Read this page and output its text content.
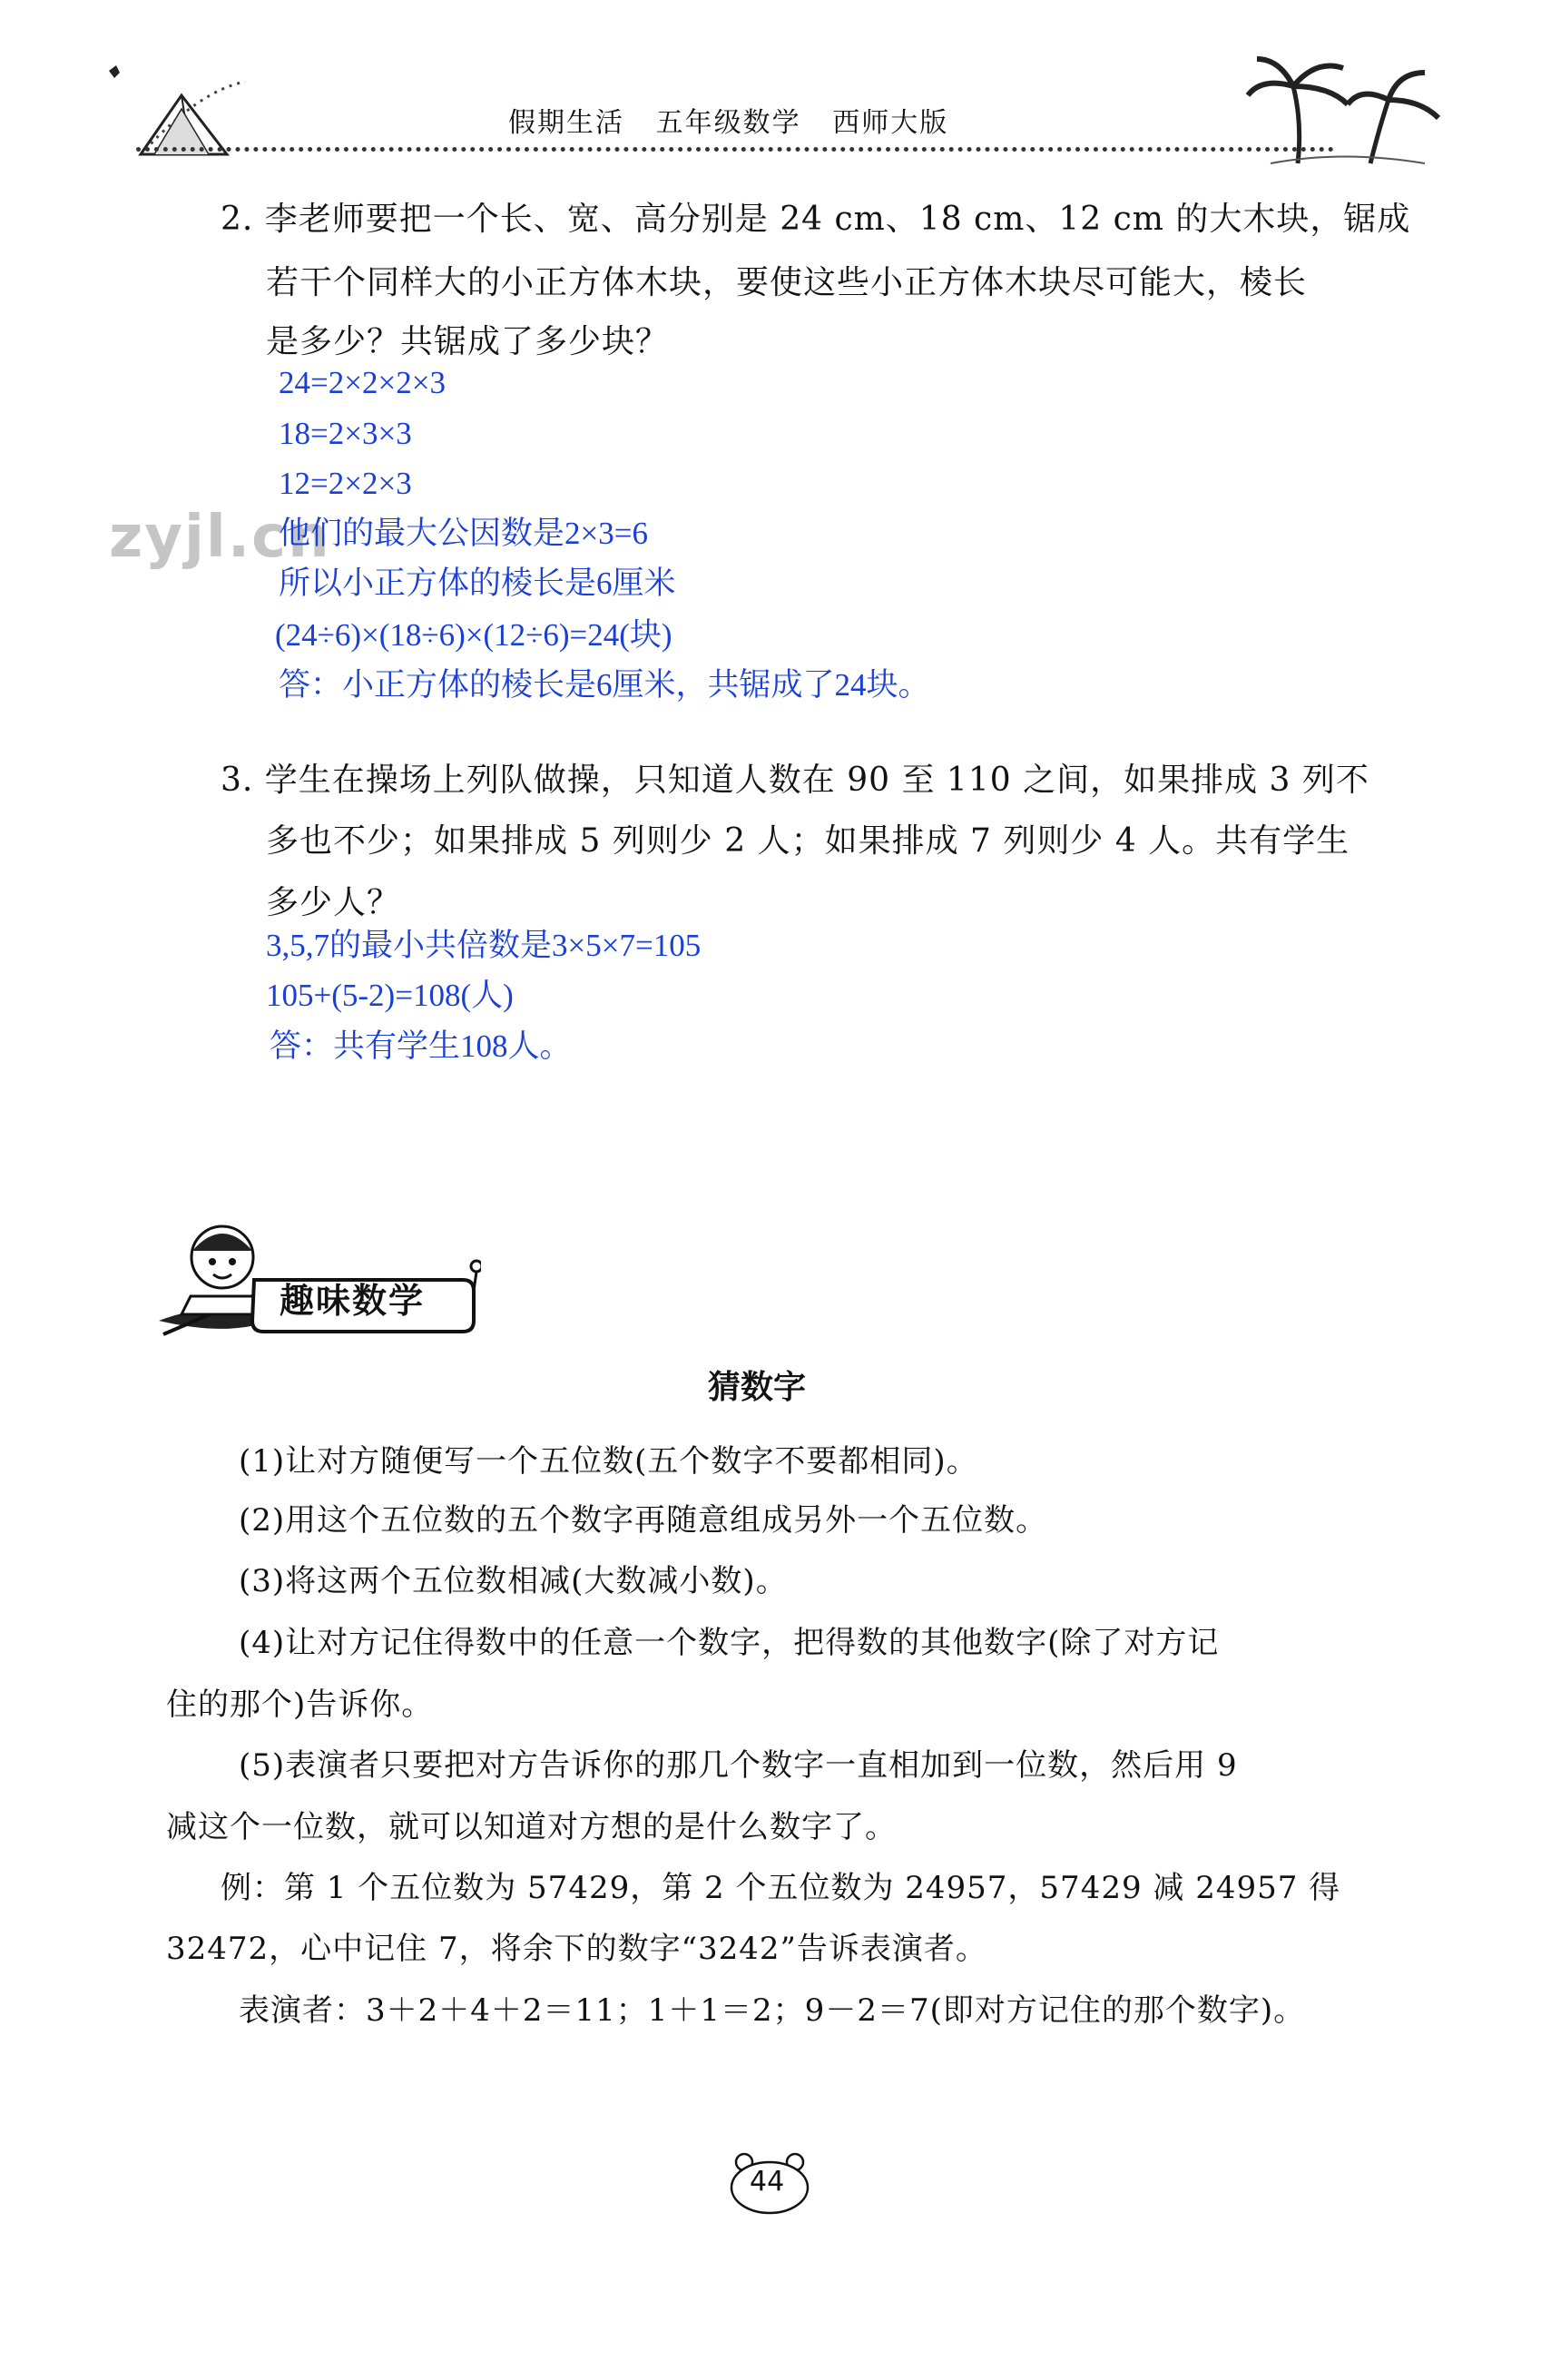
假期生活   五年级数学   西师大版
zyjl.cn
2. 李老师要把一个长、宽、高分别是 24 cm、18 cm、12 cm 的大木块，锯成
若干个同样大的小正方体木块，要使这些小正方体木块尽可能大，棱长
是多少？共锯成了多少块？
24=2×2×2×3
18=2×3×3
12=2×2×3
他们的最大公因数是2×3=6
所以小正方体的棱长是6厘米
(24÷6)×(18÷6)×(12÷6)=24(块)
答：小正方体的棱长是6厘米，共锯成了24块。
3. 学生在操场上列队做操，只知道人数在 90 至 110 之间，如果排成 3 列不
多也不少；如果排成 5 列则少 2 人；如果排成 7 列则少 4 人。共有学生
多少人？
3,5,7的最小共倍数是3×5×7=105
105+(5-2)=108(人)
答：共有学生108人。
趣味数学
猜数字
(1)让对方随便写一个五位数(五个数字不要都相同)。
(2)用这个五位数的五个数字再随意组成另外一个五位数。
(3)将这两个五位数相减(大数减小数)。
(4)让对方记住得数中的任意一个数字，把得数的其他数字(除了对方记
住的那个)告诉你。
(5)表演者只要把对方告诉你的那几个数字一直相加到一位数，然后用 9
减这个一位数，就可以知道对方想的是什么数字了。
例：第 1 个五位数为 57429，第 2 个五位数为 24957，57429 减 24957 得
32472，心中记住 7，将余下的数字“3242”告诉表演者。
表演者：3＋2＋4＋2＝11；1＋1＝2；9－2＝7(即对方记住的那个数字)。
44
